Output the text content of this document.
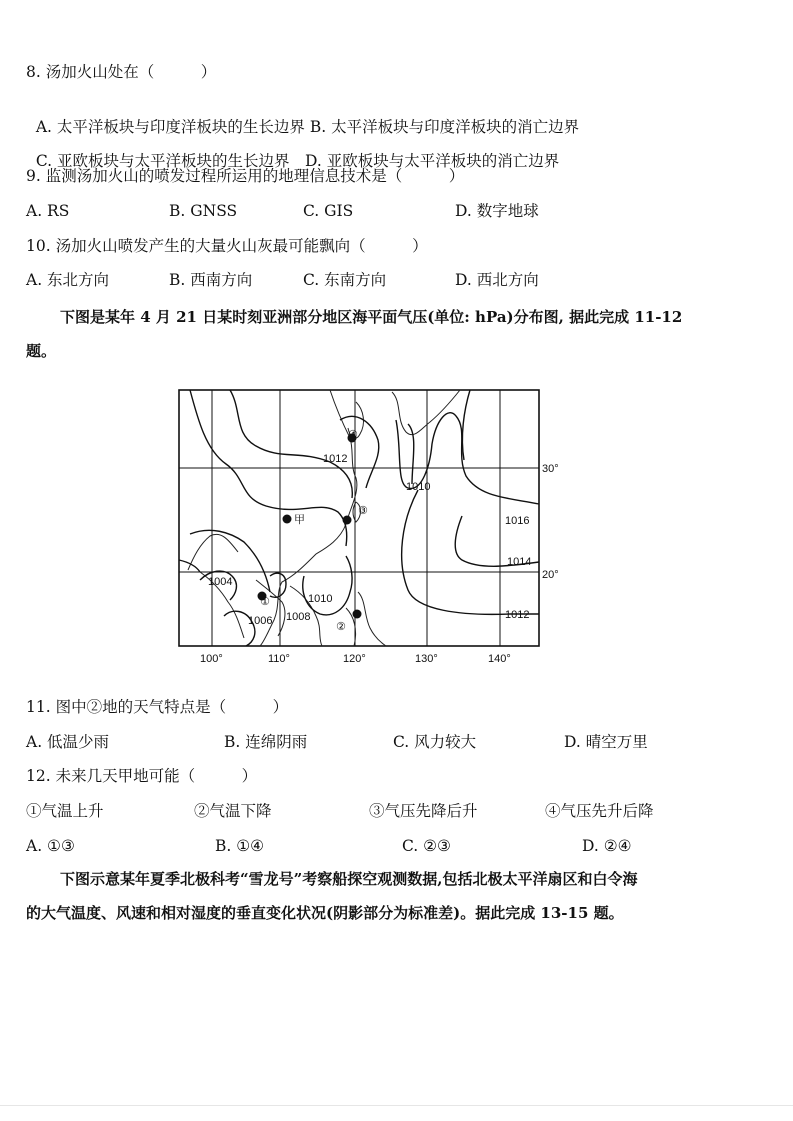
8. 汤加火山处在（　　　）

A. 太平洋板块与印度洋板块的生长边界 B. 太平洋板块与印度洋板块的消亡边界

C. 亚欧板块与太平洋板块的生长边界　 D. 亚欧板块与太平洋板块的消亡边界

9. 监测汤加火山的喷发过程所运用的地理信息技术是（　　　）
A. RS	B. GNSS	C. GIS	D. 数字地球
10. 汤加火山喷发产生的大量火山灰最可能飘向（　　　）
A. 东北方向	B. 西南方向	C. 东南方向	D. 西北方向
下图是某年 4 月 21 日某时刻亚洲部分地区海平面气压(单位: hPa)分布图, 据此完成 11-12
题。
甲
①
②
③
④
1012
1010
1016
1014
1012
1004
1006 1008
1010
30°
20°
100°	110°	120°	130°	140°
11. 图中②地的天气特点是（　　　）
A. 低温少雨	B. 连绵阴雨	C. 风力较大	D. 晴空万里
12. 未来几天甲地可能（　　　）
①气温上升	②气温下降	③气压先降后升	④气压先升后降
A. ①③	B. ①④	C. ②③	D. ②④
下图示意某年夏季北极科考“雪龙号”考察船探空观测数据,包括北极太平洋扇区和白令海
的大气温度、风速和相对湿度的垂直变化状况(阴影部分为标准差)。据此完成 13-15 题。
